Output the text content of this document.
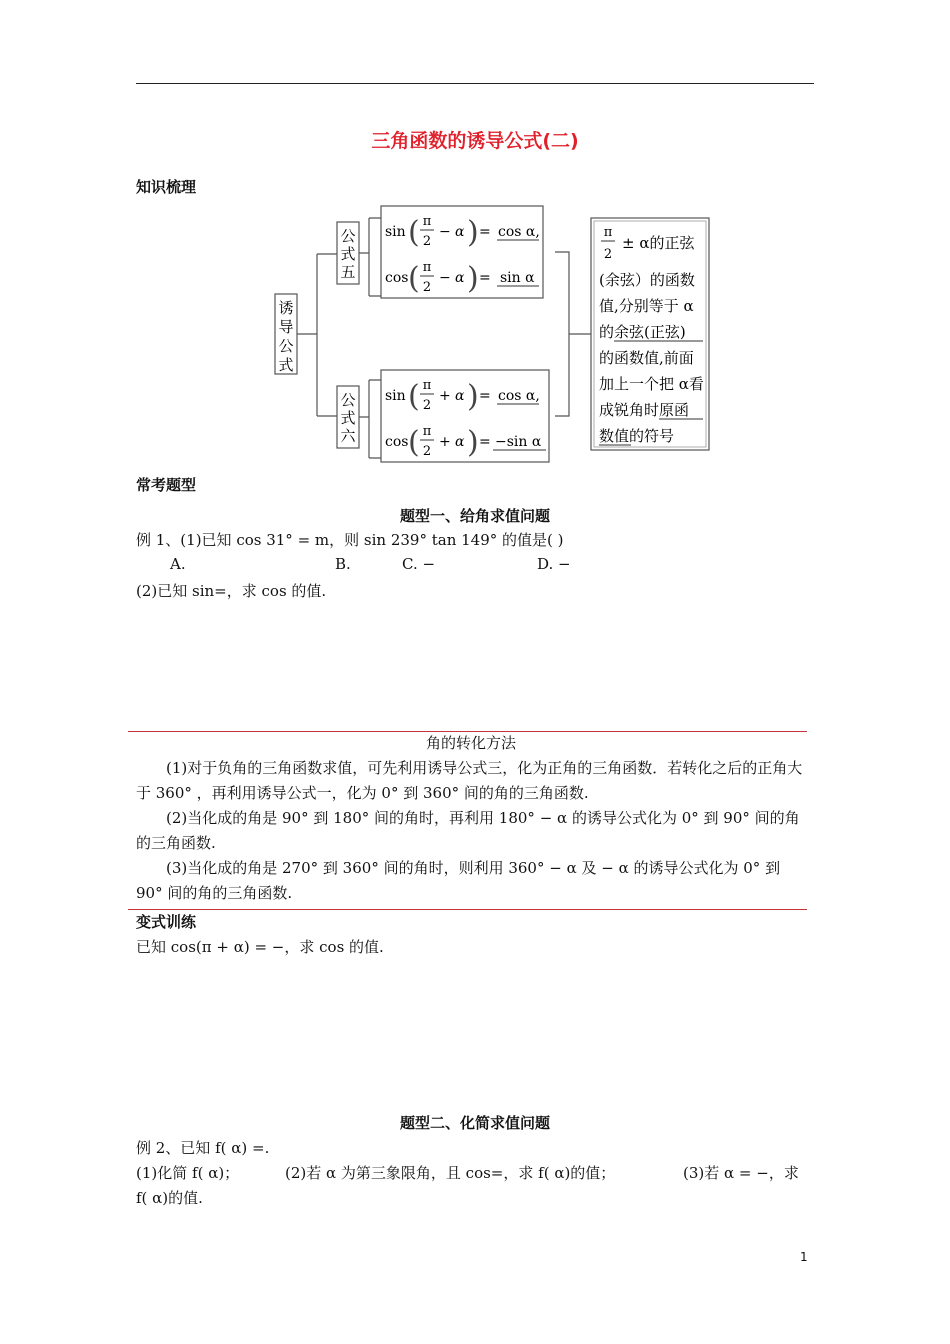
三角函数的诱导公式(二)
知识梳理
诱
导
公
式
公
式
五
sin ( π
2
− α ) = cos α,
cos ( π
2
− α ) = sin α
公
式
六
sin ( π
2
+ α ) = cos α,
cos ( π
2
+ α ) = −sin α
π
2
± α的正弦
(余弦）的函数
值,分别等于 α
的余弦(正弦)
的函数值,前面
加上一个把 α看
成锐角时原函
数值的符号
常考题型
题型一、给角求值问题
例 1、(1)已知 cos 31° = m，则 sin 239° tan 149° 的值是( )
A.	B.	C. −	D. −
(2)已知 sin=，求 cos 的值.

角的转化方法

(1)对于负角的三角函数求值，可先利用诱导公式三，化为正角的三角函数．若转化之后的正角大于 360° ，再利用诱导公式一，化为 0° 到 360° 间的角的三角函数.

(2)当化成的角是 90° 到 180° 间的角时，再利用 180° − α 的诱导公式化为 0° 到 90° 间的角的三角函数.

(3)当化成的角是 270° 到 360° 间的角时，则利用 360° − α 及 − α 的诱导公式化为 0° 到 90° 间的角的三角函数.

变式训练
已知 cos(π + α) = −，求 cos 的值.
题型二、化简求值问题
例 2、已知 f( α) =.
(1)化简 f( α)；	(2)若 α 为第三象限角，且 cos=，求 f( α)的值；	(3)若 α = −，求
f( α)的值.
1
